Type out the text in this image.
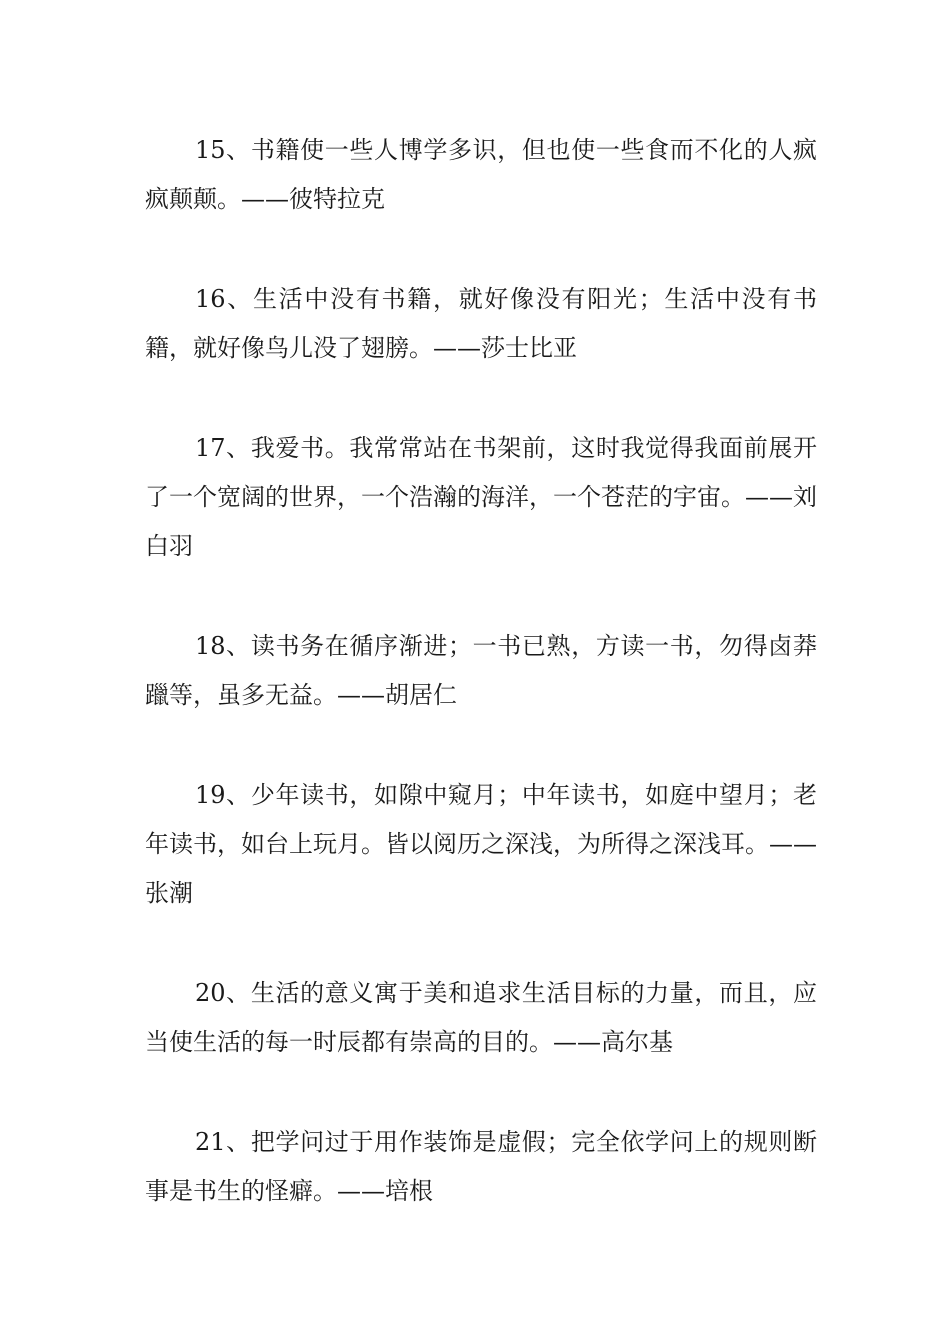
15、书籍使一些人博学多识，但也使一些食而不化的人疯疯颠颠。——彼特拉克

16、生活中没有书籍，就好像没有阳光；生活中没有书籍，就好像鸟儿没了翅膀。——莎士比亚

17、我爱书。我常常站在书架前，这时我觉得我面前展开了一个宽阔的世界，一个浩瀚的海洋，一个苍茫的宇宙。——刘白羽

18、读书务在循序渐进；一书已熟，方读一书，勿得卤莽躐等，虽多无益。——胡居仁

19、少年读书，如隙中窥月；中年读书，如庭中望月；老年读书，如台上玩月。皆以阅历之深浅，为所得之深浅耳。——张潮

20、生活的意义寓于美和追求生活目标的力量，而且，应当使生活的每一时辰都有崇高的目的。——高尔基

21、把学问过于用作装饰是虚假；完全依学问上的规则断事是书生的怪癖。——培根
